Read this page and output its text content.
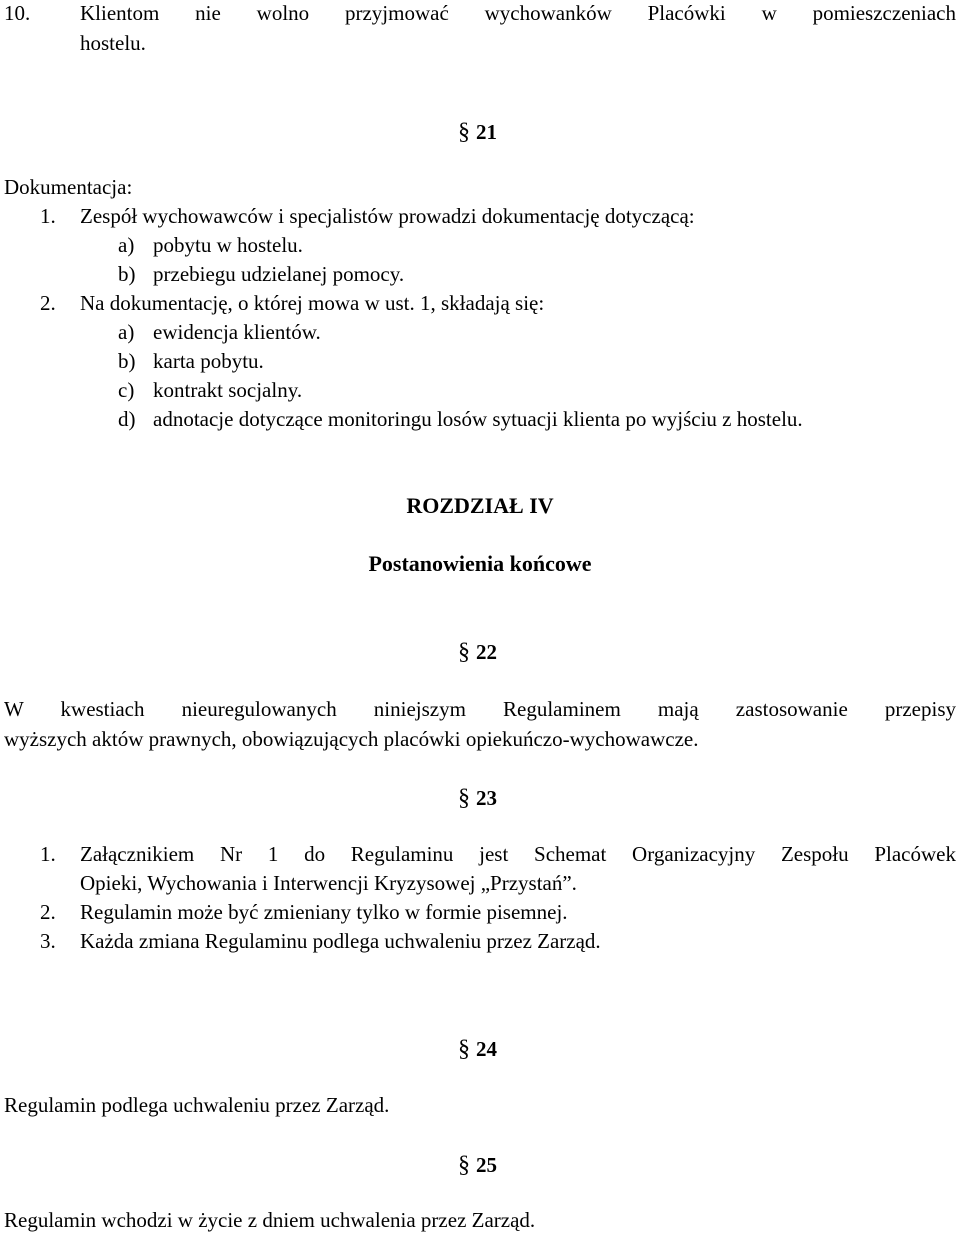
10. Klientom nie wolno przyjmować wychowanków Placówki w pomieszczeniach
hostelu.
§ 21
Dokumentacja:
1. Zespół wychowawców i specjalistów prowadzi dokumentację dotyczącą:
a) pobytu w hostelu.
b) przebiegu udzielanej pomocy.
2. Na dokumentację, o której mowa w ust. 1, składają się:
a) ewidencja klientów.
b) karta pobytu.
c) kontrakt socjalny.
d) adnotacje dotyczące monitoringu losów sytuacji klienta po wyjściu z hostelu.
ROZDZIAŁ IV
Postanowienia końcowe
§ 22
W kwestiach nieuregulowanych niniejszym Regulaminem mają zastosowanie przepisy
wyższych aktów prawnych, obowiązujących placówki opiekuńczo-wychowawcze.
§ 23
1. Załącznikiem Nr 1 do Regulaminu jest Schemat Organizacyjny Zespołu Placówek
Opieki, Wychowania i Interwencji Kryzysowej „Przystań”.
2. Regulamin może być zmieniany tylko w formie pisemnej.
3. Każda zmiana Regulaminu podlega uchwaleniu przez Zarząd.
§ 24
Regulamin podlega uchwaleniu przez Zarząd.
§ 25
Regulamin wchodzi w życie z dniem uchwalenia przez Zarząd.
